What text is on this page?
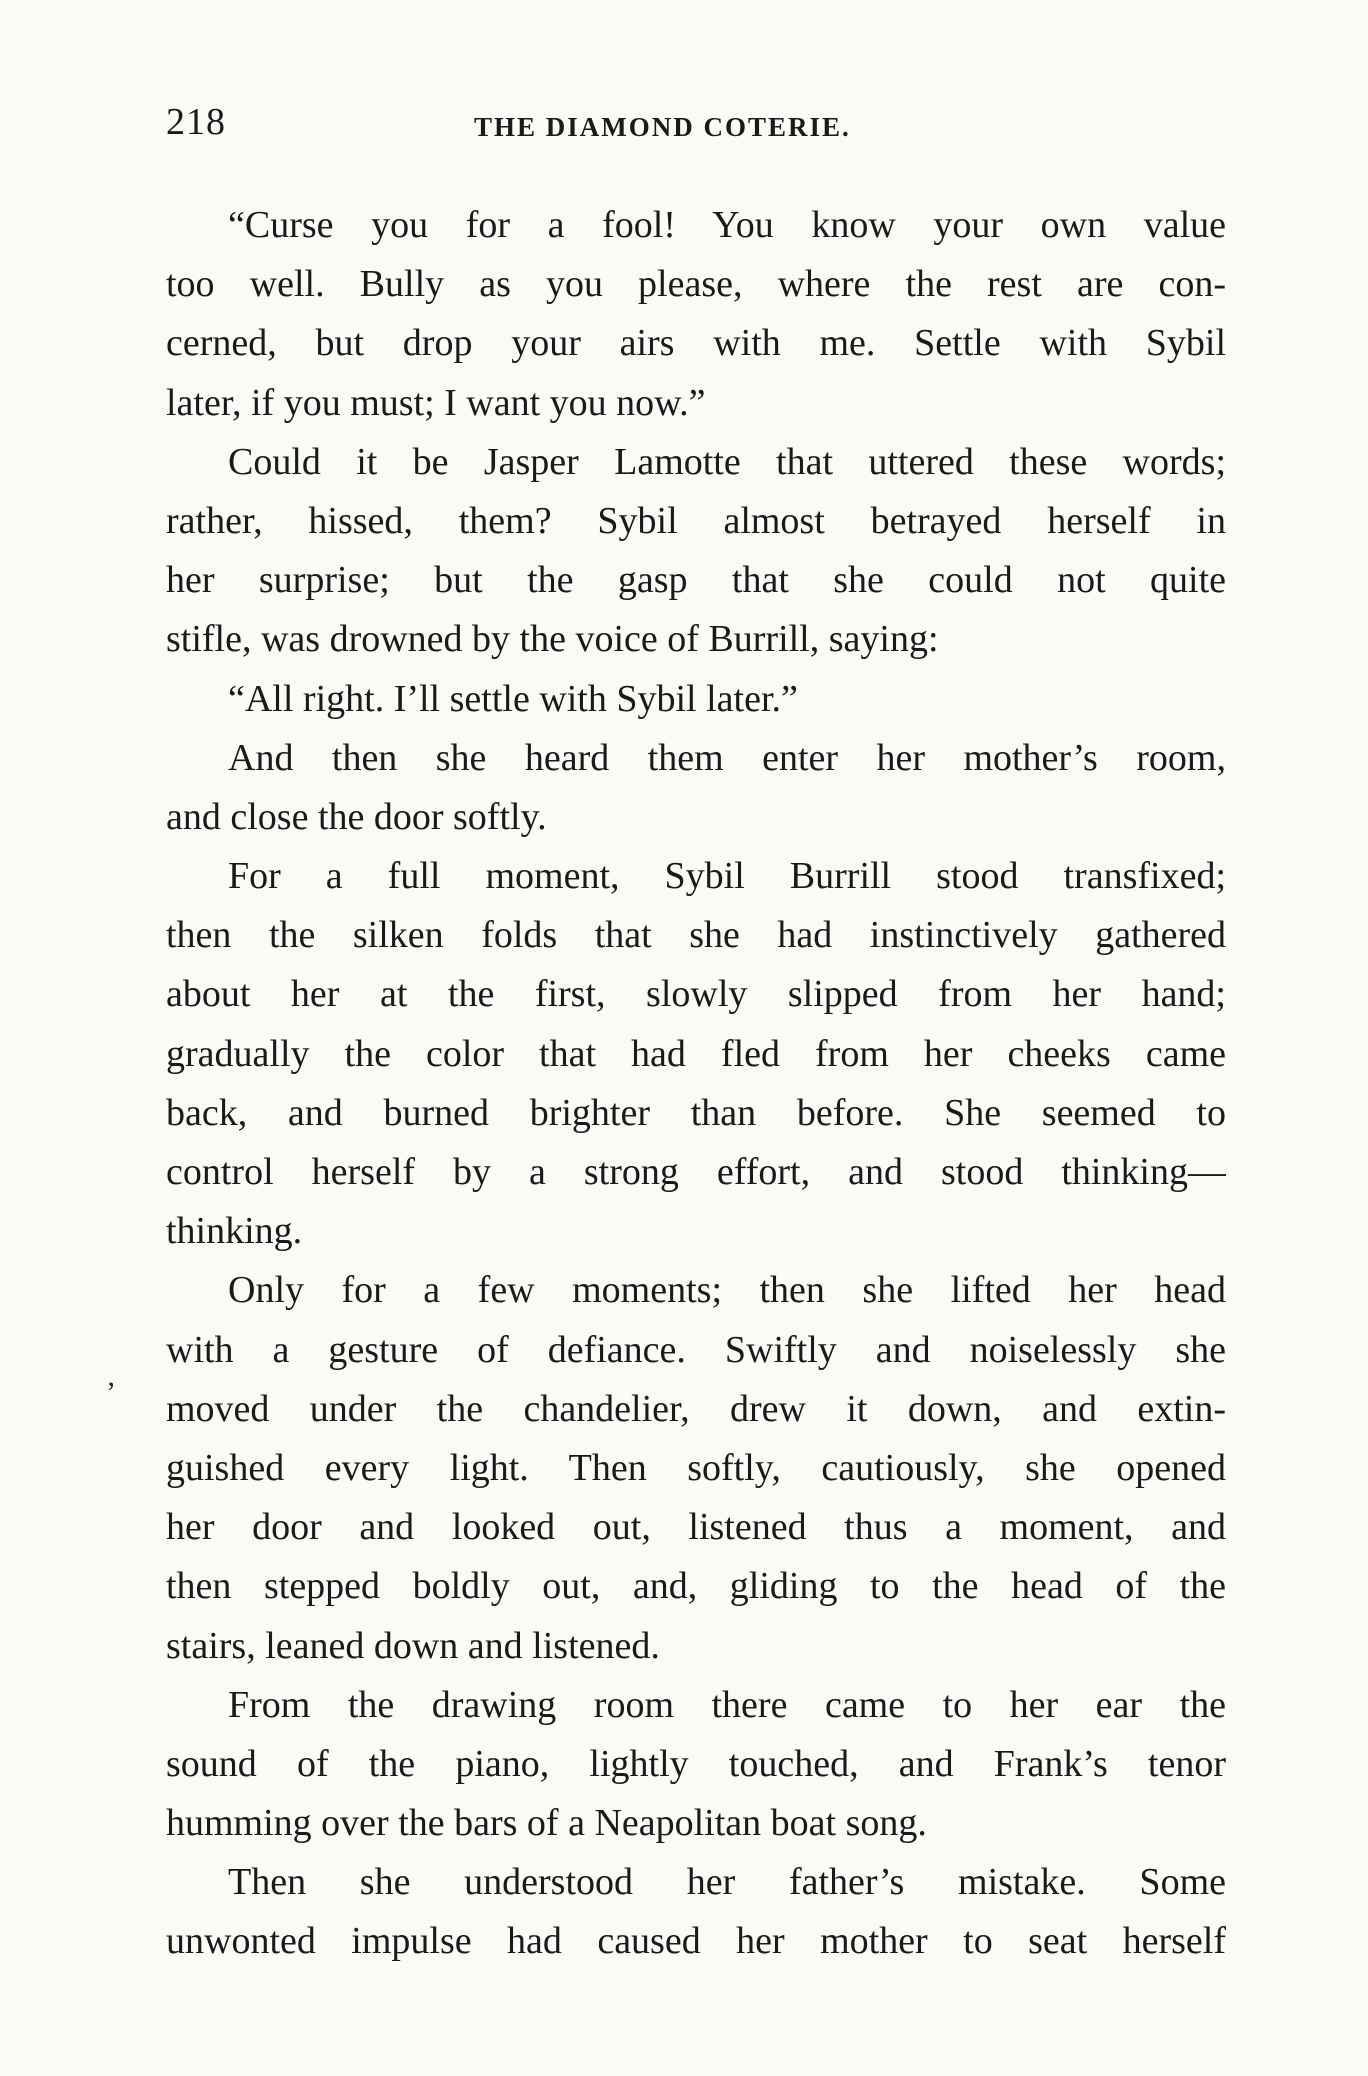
218	THE DIAMOND COTERIE.
’
“Curse you for a fool! You know your own value
too well. Bully as you please, where the rest are con-
cerned, but drop your airs with me. Settle with Sybil
later, if you must; I want you now.”
Could it be Jasper Lamotte that uttered these words;
rather, hissed, them? Sybil almost betrayed herself in
her surprise; but the gasp that she could not quite
stifle, was drowned by the voice of Burrill, saying:
“All right. I’ll settle with Sybil later.”
And then she heard them enter her mother’s room,
and close the door softly.
For a full moment, Sybil Burrill stood transfixed;
then the silken folds that she had instinctively gathered
about her at the first, slowly slipped from her hand;
gradually the color that had fled from her cheeks came
back, and burned brighter than before. She seemed to
control herself by a strong effort, and stood thinking—
thinking.
Only for a few moments; then she lifted her head
with a gesture of defiance. Swiftly and noiselessly she
moved under the chandelier, drew it down, and extin-
guished every light. Then softly, cautiously, she opened
her door and looked out, listened thus a moment, and
then stepped boldly out, and, gliding to the head of the
stairs, leaned down and listened.
From the drawing room there came to her ear the
sound of the piano, lightly touched, and Frank’s tenor
humming over the bars of a Neapolitan boat song.
Then she understood her father’s mistake. Some
unwonted impulse had caused her mother to seat herself
